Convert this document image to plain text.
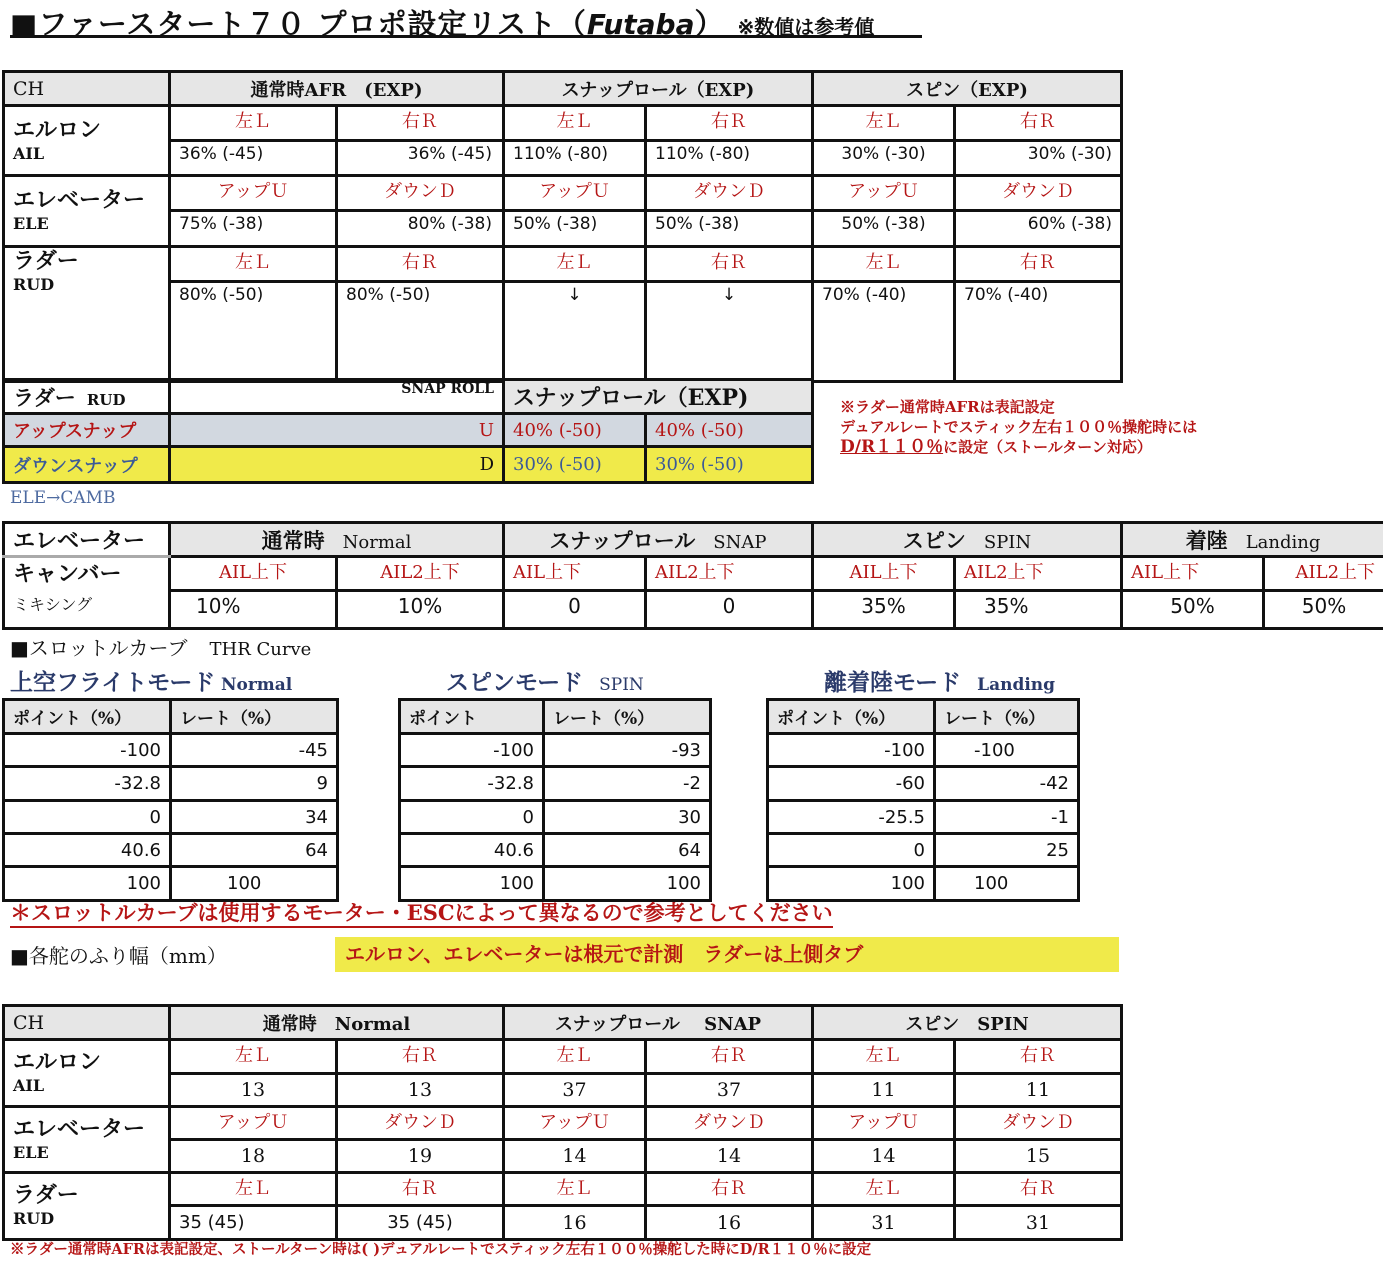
■ファースタート７０ プロポ設定リスト（Futaba） ※数値は参考値
CH	通常時AFR　(EXP)		スナップロール（EXP)		スピン（EXP)	

エルロン
AIL	左Ｌ	右Ｒ	左Ｌ	右Ｒ	左Ｌ	右Ｒ
	36% (-45)	36% (-45)	110% (-80)	110% (-80)	30% (-30)	30% (-30)

エレベーター
ELE	アップＵ	ダウンＤ	アップＵ	ダウンＤ	アップＵ	ダウンＤ
	75% (-38)	80% (-38)	50% (-38)	50% (-38)	50% (-38)	60% (-38)

ラダー
RUD	左Ｌ	右Ｒ	左Ｌ	右Ｒ	左Ｌ	右Ｒ
	80% (-50)	80% (-50)	↓	↓	70% (-40)	70% (-40)
ラダー RUD	SNAP ROLL	スナップロール（EXP)	
アップスナップ	U	40% (-50)	40% (-50)
ダウンスナップ	D	30% (-50)	30% (-50)
※ラダー通常時AFRは表記設定
デュアルレートでスティック左右１００％操舵時には
D/R１１０％に設定（ストールターン対応）
ELE→CAMB
エレベーター	通常時　 Normal		スナップロール　 SNAP		スピン　 SPIN		着陸　 Landing	

キャンバー
ミキシング	AIL上下	AIL2上下	AIL上下	AIL2上下	AIL上下	AIL2上下	AIL上下	AIL2上下
	10%	10%	0	0	35%	35%	50%	50%
■スロットルカーブ THR Curve
上空フライトモード Normal	スピンモード　 SPIN	離着陸モード　 Landing
ポイント（%）	レート（%）
-100	-45
-32.8	9
0	34
40.6	64
100	100
ポイント	レート（%）
-100	-93
-32.8	-2
0	30
40.6	64
100	100
ポイント（%）	レート（%）
-100	-100
-60	-42
-25.5	-1
0	25
100	100
＊スロットルカーブは使用するモーター・ESCによって異なるので参考としてください
■各舵のふり幅（mm）	エルロン、エレベーターは根元で計測　ラダーは上側タブ
CH	通常時　Normal		スナップロール　 SNAP		スピン　SPIN	

エルロン
AIL	左Ｌ	右Ｒ	左Ｌ	右Ｒ	左Ｌ	右Ｒ
	13	13	37	37	11	11

エレベーター
ELE	アップＵ	ダウンＤ	アップＵ	ダウンＤ	アップＵ	ダウンＤ
	18	19	14	14	14	15

ラダー
RUD	左Ｌ	右Ｒ	左Ｌ	右Ｒ	左Ｌ	右Ｒ
	35 (45)	35 (45)	16	16	31	31
※ラダー通常時AFRは表記設定、ストールターン時は( )デュアルレートでスティック左右１００％操舵した時にD/R１１０％に設定
